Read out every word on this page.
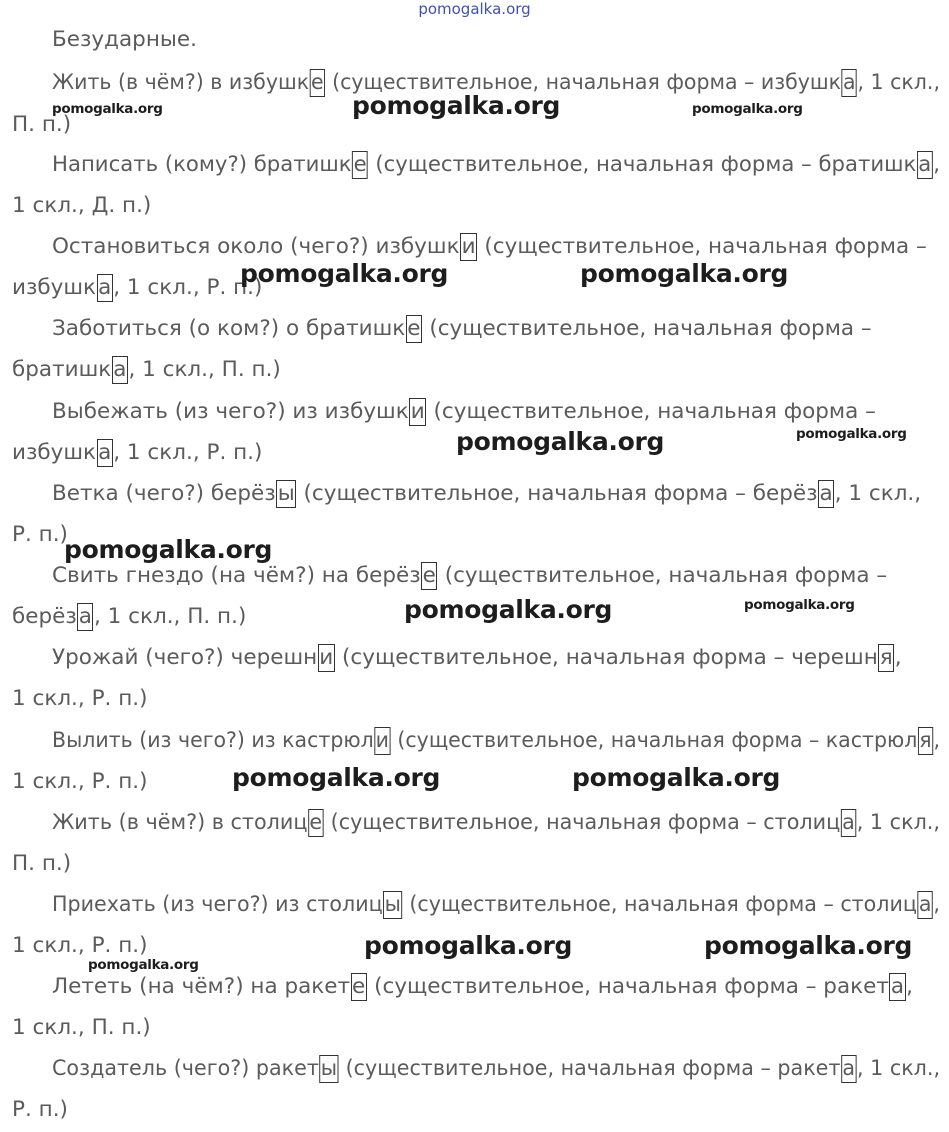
pomogalka.org
Безударные.
Жить (в чём?) в избушке (существительное, начальная форма – избушка, 1 скл.,
П. п.)
Написать (кому?) братишке (существительное, начальная форма – братишка,
1 скл., Д. п.)
Остановиться около (чего?) избушки (существительное, начальная форма –
избушка, 1 скл., Р. п.)
Заботиться (о ком?) о братишке (существительное, начальная форма –
братишка, 1 скл., П. п.)
Выбежать (из чего?) из избушки (существительное, начальная форма –
избушка, 1 скл., Р. п.)
Ветка (чего?) берёзы (существительное, начальная форма – берёза, 1 скл.,
Р. п.)
Свить гнездо (на чём?) на берёзе (существительное, начальная форма –
берёза, 1 скл., П. п.)
Урожай (чего?) черешни (существительное, начальная форма – черешня,
1 скл., Р. п.)
Вылить (из чего?) из кастрюли (существительное, начальная форма – кастрюля,
1 скл., Р. п.)
Жить (в чём?) в столице (существительное, начальная форма – столица, 1 скл.,
П. п.)
Приехать (из чего?) из столицы (существительное, начальная форма – столица,
1 скл., Р. п.)
Лететь (на чём?) на ракете (существительное, начальная форма – ракета,
1 скл., П. п.)
Создатель (чего?) ракеты (существительное, начальная форма – ракета, 1 скл.,
Р. п.)
pomogalka.org	pomogalka.org	pomogalka.org
pomogalka.org	pomogalka.org
pomogalka.org	pomogalka.org
pomogalka.org
pomogalka.org	pomogalka.org
pomogalka.org	pomogalka.org
pomogalka.org	pomogalka.org
pomogalka.org
